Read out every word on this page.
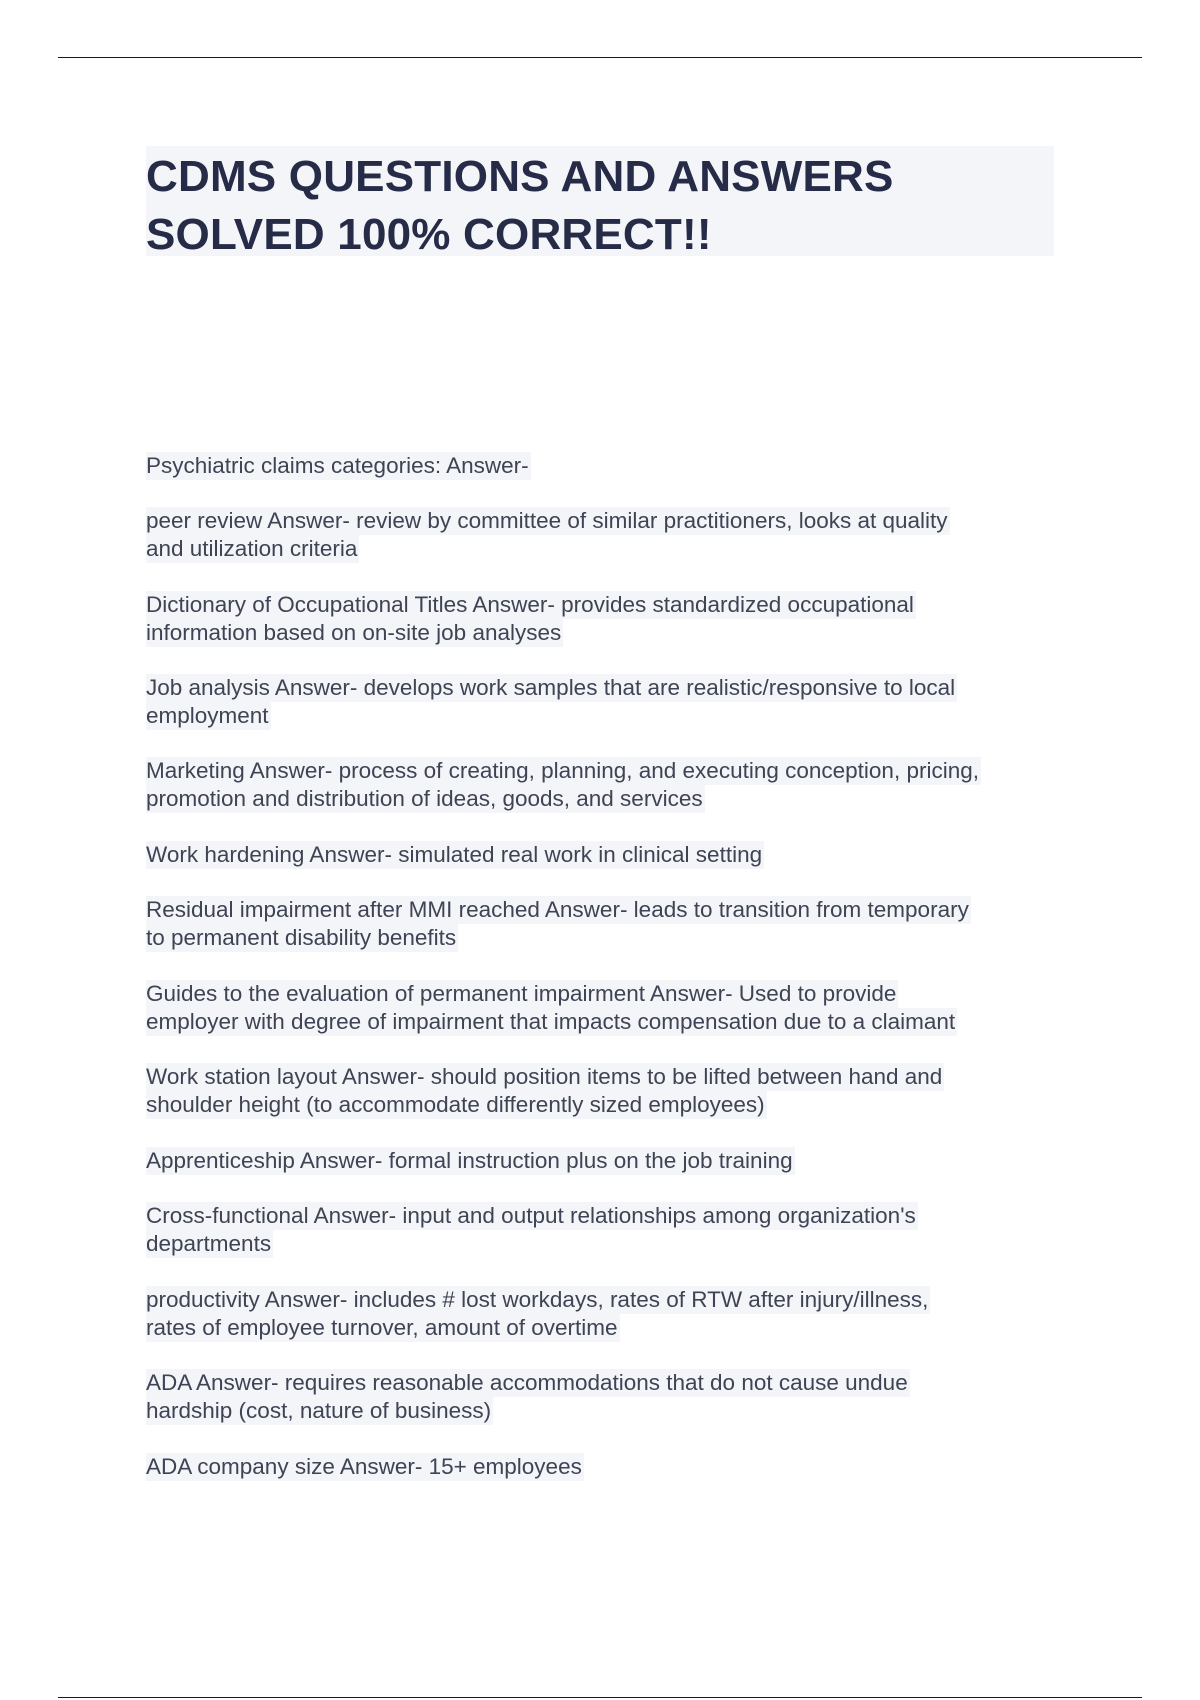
CDMS QUESTIONS AND ANSWERS
SOLVED 100% CORRECT!!
Psychiatric claims categories: Answer-
peer review Answer- review by committee of similar practitioners, looks at quality
and utilization criteria
Dictionary of Occupational Titles Answer- provides standardized occupational
information based on on-site job analyses
Job analysis Answer- develops work samples that are realistic/responsive to local
employment
Marketing Answer- process of creating, planning, and executing conception, pricing,
promotion and distribution of ideas, goods, and services
Work hardening Answer- simulated real work in clinical setting
Residual impairment after MMI reached Answer- leads to transition from temporary
to permanent disability benefits
Guides to the evaluation of permanent impairment Answer- Used to provide
employer with degree of impairment that impacts compensation due to a claimant
Work station layout Answer- should position items to be lifted between hand and
shoulder height (to accommodate differently sized employees)
Apprenticeship Answer- formal instruction plus on the job training
Cross-functional Answer- input and output relationships among organization's
departments
productivity Answer- includes # lost workdays, rates of RTW after injury/illness,
rates of employee turnover, amount of overtime
ADA Answer- requires reasonable accommodations that do not cause undue
hardship (cost, nature of business)
ADA company size Answer- 15+ employees
